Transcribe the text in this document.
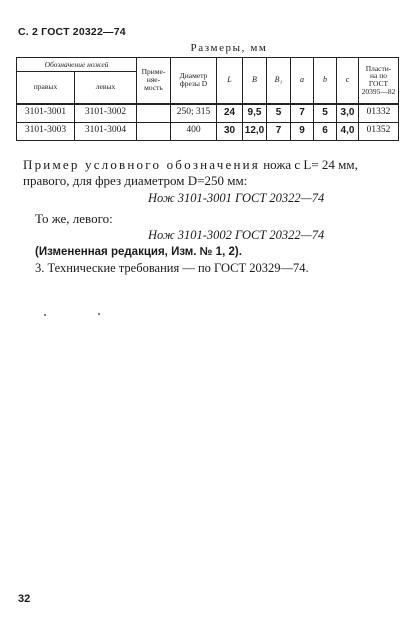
С. 2 ГОСТ 20322—74
Размеры, мм
Обозначение ножей		Приме-
няе-
мость	Диаметр
фрезы D	L	B	B₁	a	b	c	Пласти-
на по
ГОСТ
20395—82
правых	левых									
3101-3001	3101-3002		250; 315	24	9,5	5	7	5	3,0	01332
3101-3003	3101-3004		400	30	12,0	7	9	6	4,0	01352
Пример условного обозначения ножа с L= 24 мм, правого, для фрез диаметром D=250 мм:
Нож 3101-3001 ГОСТ 20322—74
То же, левого:
Нож 3101-3002 ГОСТ 20322—74
(Измененная редакция, Изм. № 1, 2).
3. Технические требования — по ГОСТ 20329—74.
32
